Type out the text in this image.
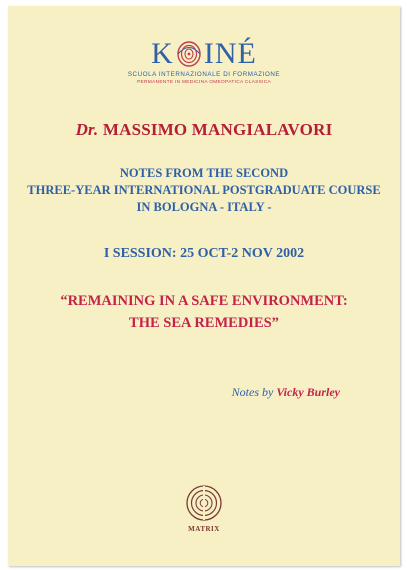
K INÉ
SCUOLA INTERNAZIONALE DI FORMAZIONE
PERMANENTE IN MEDICINA OMEOPATICA CLASSICA
Dr. MASSIMO MANGIALAVORI
NOTES FROM THE SECOND
THREE-YEAR INTERNATIONAL POSTGRADUATE COURSE
IN BOLOGNA - ITALY -
I SESSION: 25 OCT-2 NOV 2002
“REMAINING IN A SAFE ENVIRONMENT:
THE SEA REMEDIES”
Notes by Vicky Burley
MATRIX
